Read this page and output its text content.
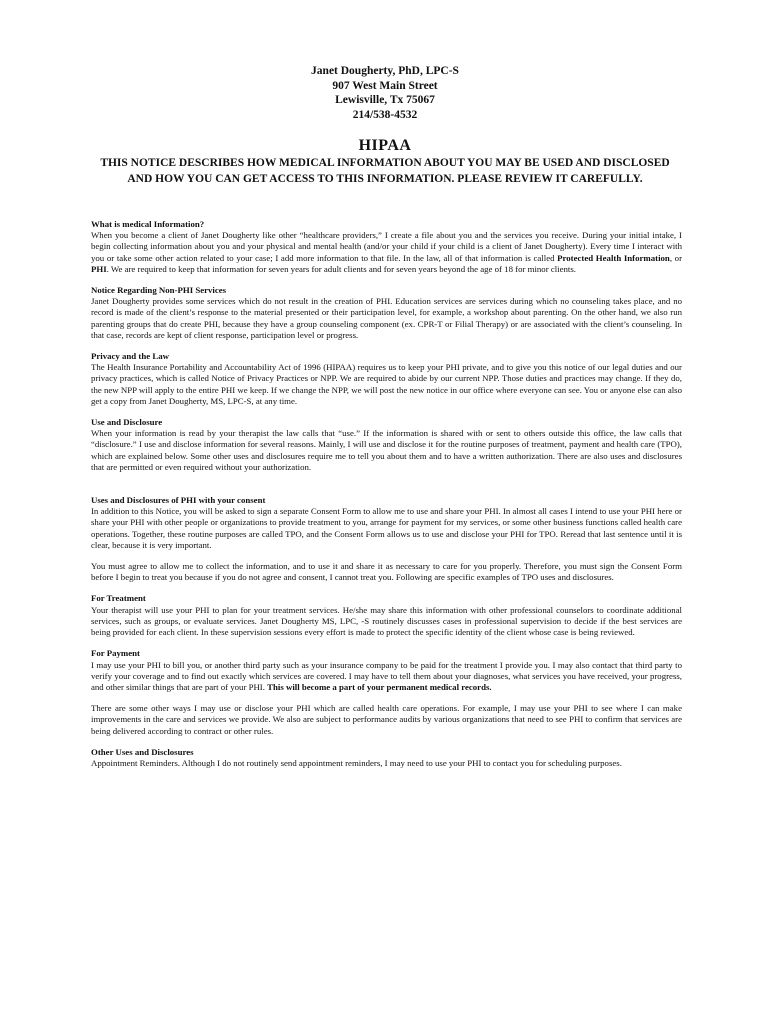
Janet Dougherty, PhD, LPC-S
907 West Main Street
Lewisville, Tx 75067
214/538-4532
HIPAA
THIS NOTICE DESCRIBES HOW MEDICAL INFORMATION ABOUT YOU MAY BE USED AND DISCLOSED AND HOW YOU CAN GET ACCESS TO THIS INFORMATION. PLEASE REVIEW IT CAREFULLY.
What is medical Information?

When you become a client of Janet Dougherty like other “healthcare providers,” I create a file about you and the services you receive. During your initial intake, I begin collecting information about you and your physical and mental health (and/or your child if your child is a client of Janet Dougherty). Every time I interact with you or take some other action related to your case; I add more information to that file. In the law, all of that information is called Protected Health Information, or PHI. We are required to keep that information for seven years for adult clients and for seven years beyond the age of 18 for minor clients.

Notice Regarding Non-PHI Services

Janet Dougherty provides some services which do not result in the creation of PHI. Education services are services during which no counseling takes place, and no record is made of the client’s response to the material presented or their participation level, for example, a workshop about parenting. On the other hand, we also run parenting groups that do create PHI, because they have a group counseling component (ex. CPR-T or Filial Therapy) or are associated with the client’s counseling. In that case, records are kept of client response, participation level or progress.

Privacy and the Law

The Health Insurance Portability and Accountability Act of 1996 (HIPAA) requires us to keep your PHI private, and to give you this notice of our legal duties and our privacy practices, which is called Notice of Privacy Practices or NPP. We are required to abide by our current NPP. Those duties and practices may change. If they do, the new NPP will apply to the entire PHI we keep. If we change the NPP, we will post the new notice in our office where everyone can see. You or anyone else can also get a copy from Janet Dougherty, MS, LPC-S, at any time.

Use and Disclosure

When your information is read by your therapist the law calls that “use.” If the information is shared with or sent to others outside this office, the law calls that “disclosure.” I use and disclose information for several reasons. Mainly, I will use and disclose it for the routine purposes of treatment, payment and health care (TPO), which are explained below. Some other uses and disclosures require me to tell you about them and to have a written authorization. There are also uses and disclosures that are permitted or even required without your authorization.

Uses and Disclosures of PHI with your consent

In addition to this Notice, you will be asked to sign a separate Consent Form to allow me to use and share your PHI. In almost all cases I intend to use your PHI here or share your PHI with other people or organizations to provide treatment to you, arrange for payment for my services, or some other business functions called health care operations. Together, these routine purposes are called TPO, and the Consent Form allows us to use and disclose your PHI for TPO. Reread that last sentence until it is clear, because it is very important.

You must agree to allow me to collect the information, and to use it and share it as necessary to care for you properly. Therefore, you must sign the Consent Form before I begin to treat you because if you do not agree and consent, I cannot treat you. Following are specific examples of TPO uses and disclosures.

For Treatment

Your therapist will use your PHI to plan for your treatment services. He/she may share this information with other professional counselors to coordinate additional services, such as groups, or evaluate services. Janet Dougherty MS, LPC, -S routinely discusses cases in professional supervision to decide if the best services are being provided for each client. In these supervision sessions every effort is made to protect the specific identity of the client whose case is being reviewed.

For Payment

I may use your PHI to bill you, or another third party such as your insurance company to be paid for the treatment I provide you. I may also contact that third party to verify your coverage and to find out exactly which services are covered. I may have to tell them about your diagnoses, what services you have received, your progress, and other similar things that are part of your PHI. This will become a part of your permanent medical records.

There are some other ways I may use or disclose your PHI which are called health care operations. For example, I may use your PHI to see where I can make improvements in the care and services we provide. We also are subject to performance audits by various organizations that need to see PHI to confirm that services are being delivered according to contract or other rules.

Other Uses and Disclosures

Appointment Reminders. Although I do not routinely send appointment reminders, I may need to use your PHI to contact you for scheduling purposes.
